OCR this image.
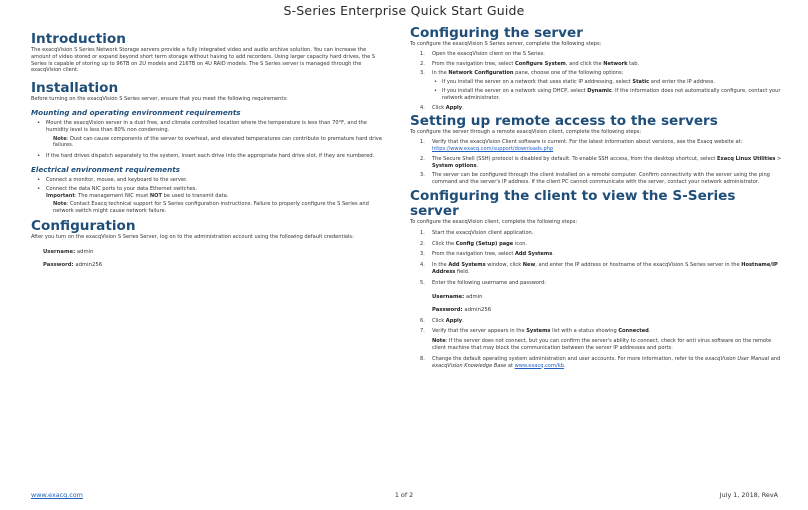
S-Series Enterprise Quick Start Guide
Introduction

The exacqVision S Series Network Storage servers provide a fully integrated video and audio archive solution. You can increase the amount of video stored or expand beyond short term storage without having to add recorders. Using larger capacity hard drives, the S Series is capable of storing up to 96TB on 2U models and 216TB on 4U RAID models. The S Series server is managed through the exacqVision client.

Installation

Before turning on the exacqVision S Series server, ensure that you meet the following requirements:

Mounting and operating environment requirements
• Mount the exacqVision server in a dust free, and climate controlled location where the temperature is less than 70°F, and the humidity level is less than 80% non condensing.

Note: Dust can cause components of the server to overheat, and elevated temperatures can contribute to premature hard drive failures.

• If the hard drives dispatch separately to the system, insert each drive into the appropriate hard drive slot, if they are numbered.
Electrical environment requirements
• Connect a monitor, mouse, and keyboard to the server.
• Connect the data NIC ports to your data Ethernet switches.
Important: The management NIC must NOT be used to transmit data.

Note: Contact Exacq technical support for S Series configuration instructions. Failure to properly configure the S Series and network switch might cause network failure.

Configuration

After you turn on the exacqVision S Series Server, log on to the administration account using the following default credentials:

Username: admin

Password: admin256

Configuring the server

To configure the exacqVision S Series server, complete the following steps:

1. Open the exacqVision client on the S Series.
2. From the navigation tree, select Configure System, and click the Network tab.
3. In the Network Configuration pane, choose one of the following options:
• If you install the server on a network that uses static IP addressing, select Static and enter the IP address.
• If you install the server on a network using DHCP, select Dynamic. If the information does not automatically configure, contact your network administrator.
4. Click Apply.
Setting up remote access to the servers

To configure the server through a remote exacqVision client, complete the following steps:

1. Verify that the exacqVision Client software is current. For the latest information about versions, see the Exacq website at: https://www.exacq.com/support/downloads.php
2. The Secure Shell (SSH) protocol is disabled by default. To enable SSH access, from the desktop shortcut, select Exacq Linux Utilities > System options.
3. The server can be configured through the client installed on a remote computer. Confirm connectivity with the server using the ping command and the server's IP address. If the client PC cannot communicate with the server, contact your network administrator.
Configuring the client to view the S-Series server

To configure the exacqVision client, complete the following steps:

1. Start the exacqVision client application.
2. Click the Config (Setup) page icon.
3. From the navigation tree, select Add Systems.
4. In the Add Systems window, click New, and enter the IP address or hostname of the exacqVision S Series server in the Hostname/IP Address field.
5. Enter the following username and password:

Username: admin

Password: admin256

6. Click Apply.
7. Verify that the server appears in the Systems list with a status showing Connected.

Note: If the server does not connect, but you can confirm the server's ability to connect, check for anti virus software on the remote client machine that may block the communication between the server IP addresses and ports.

8. Change the default operating system administration and user accounts. For more information, refer to the exacqVision User Manual and exacqVision Knowledge Base at www.exacq.com/kb.
www.exacq.com	1 of 2	July 1, 2018, RevA
